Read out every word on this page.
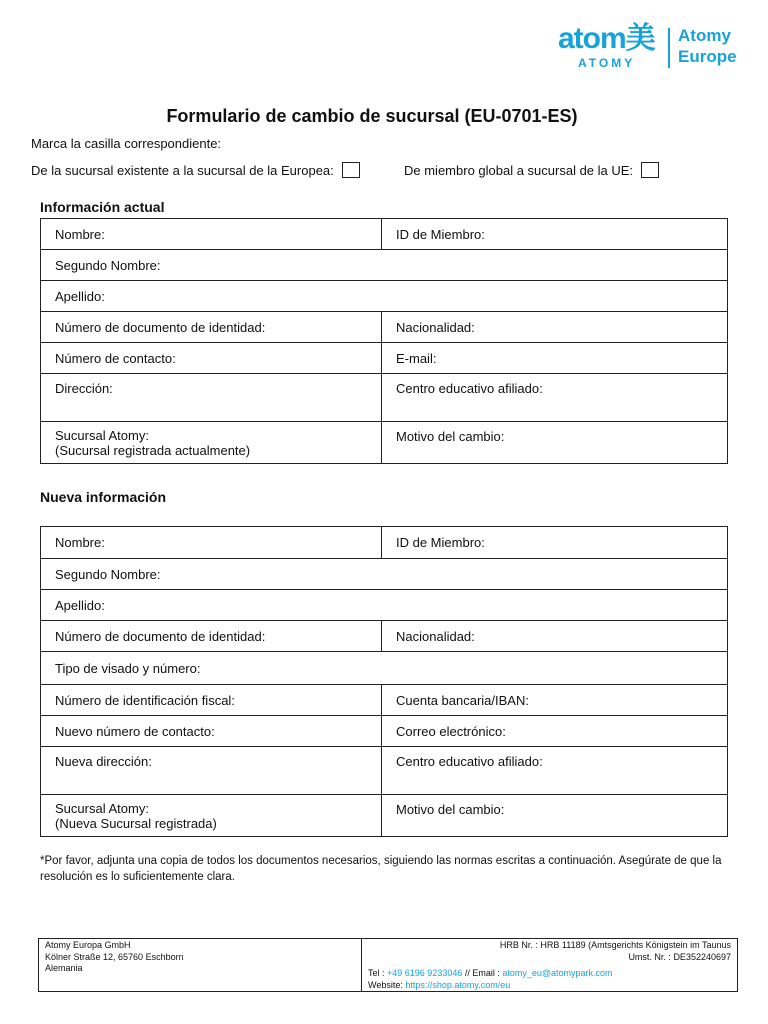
atom美
ATOMY
Atomy
Europe
Formulario de cambio de sucursal (EU-0701-ES)
Marca la casilla correspondiente:
De la sucursal existente a la sucursal de la Europea:	De miembro global a sucursal de la UE:
Información actual
Nombre:	ID de Miembro:
Segundo Nombre:	
Apellido:	
Número de documento de identidad:	Nacionalidad:
Número de contacto:	E-mail:
Dirección:	Centro educativo afiliado:

Sucursal Atomy:
(Sucursal registrada actualmente)	Motivo del cambio:
Nueva información
Nombre:	ID de Miembro:
Segundo Nombre:	
Apellido:	
Número de documento de identidad:	Nacionalidad:
Tipo de visado y número:	
Número de identificación fiscal:	Cuenta bancaria/IBAN:
Nuevo número de contacto:	Correo electrónico:
Nueva dirección:	Centro educativo afiliado:

Sucursal Atomy:
(Nueva Sucursal registrada)	Motivo del cambio:
*Por favor, adjunta una copia de todos los documentos necesarios, siguiendo las normas escritas a continuación. Asegúrate de que la resolución es lo suficientemente clara.
Atomy Europa GmbH
Kölner Straße 12, 65760 Eschborn
Alemania
HRB Nr. : HRB 11189 (Amtsgerichts Königstein im Taunus
Umst. Nr. : DE352240697
Tel : +49 6196 9233046 // Email : atomy_eu@atomypark.com
Website: https://shop.atomy.com/eu
